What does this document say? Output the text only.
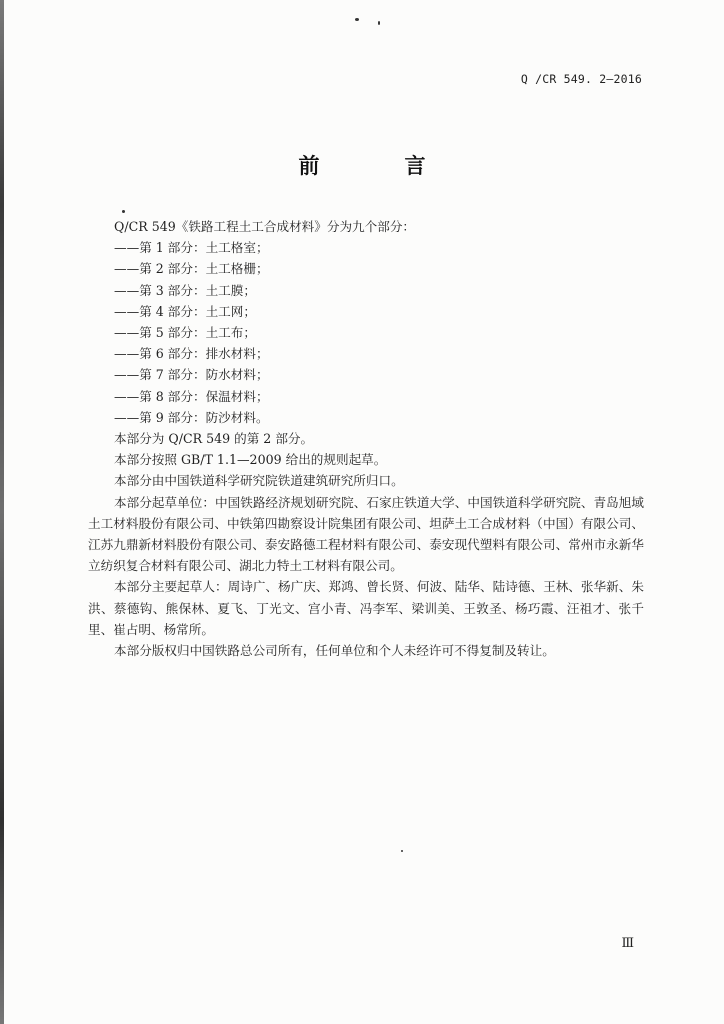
Q /CR 549. 2—2016
前　言

Q/CR 549《铁路工程土工合成材料》分为九个部分：

——第 1 部分：土工格室；

——第 2 部分：土工格栅；

——第 3 部分：土工膜；

——第 4 部分：土工网；

——第 5 部分：土工布；

——第 6 部分：排水材料；

——第 7 部分：防水材料；

——第 8 部分：保温材料；

——第 9 部分：防沙材料。

本部分为 Q/CR 549 的第 2 部分。

本部分按照 GB/T 1.1—2009 给出的规则起草。

本部分由中国铁道科学研究院铁道建筑研究所归口。

本部分起草单位：中国铁路经济规划研究院、石家庄铁道大学、中国铁道科学研究院、青岛旭域土工材料股份有限公司、中铁第四勘察设计院集团有限公司、坦萨土工合成材料（中国）有限公司、江苏九鼎新材料股份有限公司、泰安路德工程材料有限公司、泰安现代塑料有限公司、常州市永新华立纺织复合材料有限公司、湖北力特土工材料有限公司。

本部分主要起草人：周诗广、杨广庆、郑鸿、曾长贤、何波、陆华、陆诗德、王林、张华新、朱洪、蔡德钩、熊保林、夏飞、丁光文、宫小青、冯李军、梁训美、王敦圣、杨巧霞、汪祖才、张千里、崔占明、杨常所。

本部分版权归中国铁路总公司所有，任何单位和个人未经许可不得复制及转让。

Ⅲ
